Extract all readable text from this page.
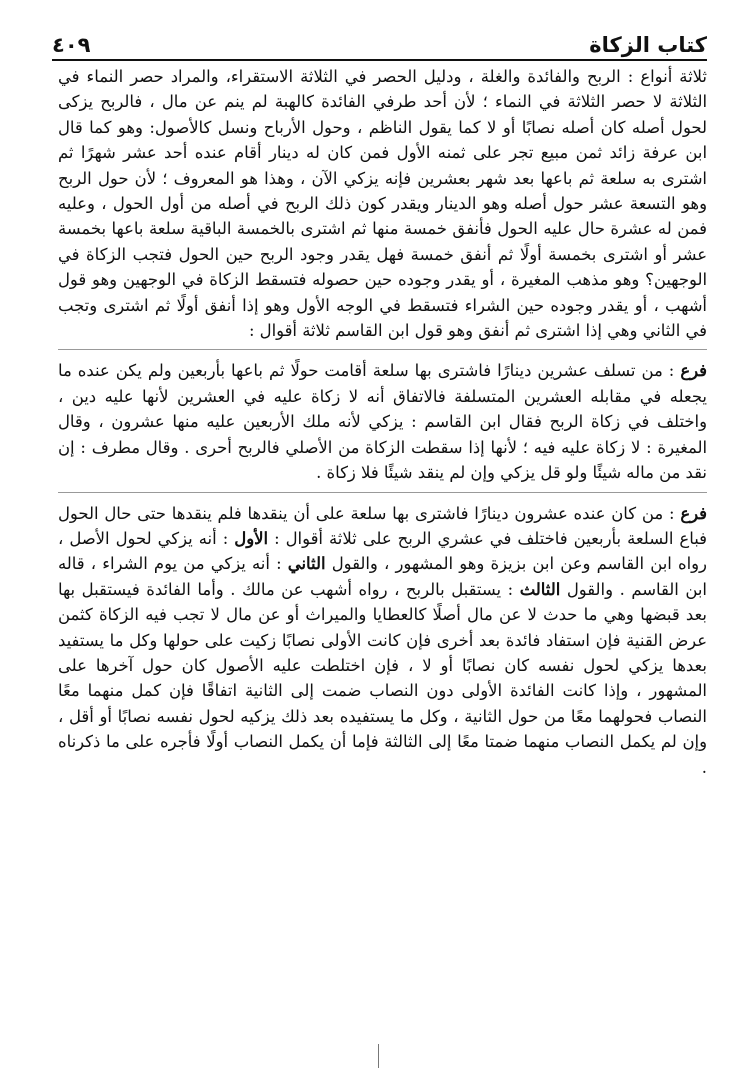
كتاب الزكاة
٤٠٩

ثلاثة أنواع : الربح والفائدة والغلة ، ودليل الحصر في الثلاثة الاستقراء، والمراد حصر النماء في الثلاثة لا حصر الثلاثة في النماء ؛ لأن أحد طرفي الفائدة كالهبة لم ينم عن مال ، فالربح يزكى لحول أصله كان أصله نصابًا أو لا كما يقول الناظم ، وحول الأرباح ونسل كالأصول: وهو كما قال ابن عرفة زائد ثمن مبيع تجر على ثمنه الأول فمن كان له دينار أقام عنده أحد عشر شهرًا ثم اشترى به سلعة ثم باعها بعد شهر بعشرين فإنه يزكي الآن ، وهذا هو المعروف ؛ لأن حول الربح وهو التسعة عشر حول أصله وهو الدينار ويقدر كون ذلك الربح في أصله من أول الحول ، وعليه فمن له عشرة حال عليه الحول فأنفق خمسة منها ثم اشترى بالخمسة الباقية سلعة باعها بخمسة عشر أو اشترى بخمسة أولًا ثم أنفق خمسة فهل يقدر وجود الربح حين الحول فتجب الزكاة في الوجهين؟ وهو مذهب المغيرة ، أو يقدر وجوده حين حصوله فتسقط الزكاة في الوجهين وهو قول أشهب ، أو يقدر وجوده حين الشراء فتسقط في الوجه الأول وهو إذا أنفق أولًا ثم اشترى وتجب في الثاني وهي إذا اشترى ثم أنفق وهو قول ابن القاسم ثلاثة أقوال :

فرع : من تسلف عشرين دينارًا فاشترى بها سلعة أقامت حولًا ثم باعها بأربعين ولم يكن عنده ما يجعله في مقابله العشرين المتسلفة فالاتفاق أنه لا زكاة عليه في العشرين لأنها عليه دين ، واختلف في زكاة الربح فقال ابن القاسم : يزكي لأنه ملك الأربعين عليه منها عشرون ، وقال المغيرة : لا زكاة عليه فيه ؛ لأنها إذا سقطت الزكاة من الأصلي فالربح أحرى . وقال مطرف : إن نقد من ماله شيئًا ولو قل يزكي وإن لم ينقد شيئًا فلا زكاة .

فرع : من كان عنده عشرون دينارًا فاشترى بها سلعة على أن ينقدها فلم ينقدها حتى حال الحول فباع السلعة بأربعين فاختلف في عشري الربح على ثلاثة أقوال : الأول : أنه يزكي لحول الأصل ، رواه ابن القاسم وعن ابن بزيزة وهو المشهور ، والقول الثاني : أنه يزكي من يوم الشراء ، قاله ابن القاسم . والقول الثالث : يستقبل بالربح ، رواه أشهب عن مالك . وأما الفائدة فيستقبل بها بعد قبضها وهي ما حدث لا عن مال أصلًا كالعطايا والميراث أو عن مال لا تجب فيه الزكاة كثمن عرض القنية فإن استفاد فائدة بعد أخرى فإن كانت الأولى نصابًا زكيت على حولها وكل ما يستفيد بعدها يزكي لحول نفسه كان نصابًا أو لا ، فإن اختلطت عليه الأصول كان حول آخرها على المشهور ، وإذا كانت الفائدة الأولى دون النصاب ضمت إلى الثانية اتفاقًا فإن كمل منهما معًا النصاب فحولهما معًا من حول الثانية ، وكل ما يستفيده بعد ذلك يزكيه لحول نفسه نصابًا أو أقل ، وإن لم يكمل النصاب منهما ضمتا معًا إلى الثالثة فإما أن يكمل النصاب أولًا فأجره على ما ذكرناه .
